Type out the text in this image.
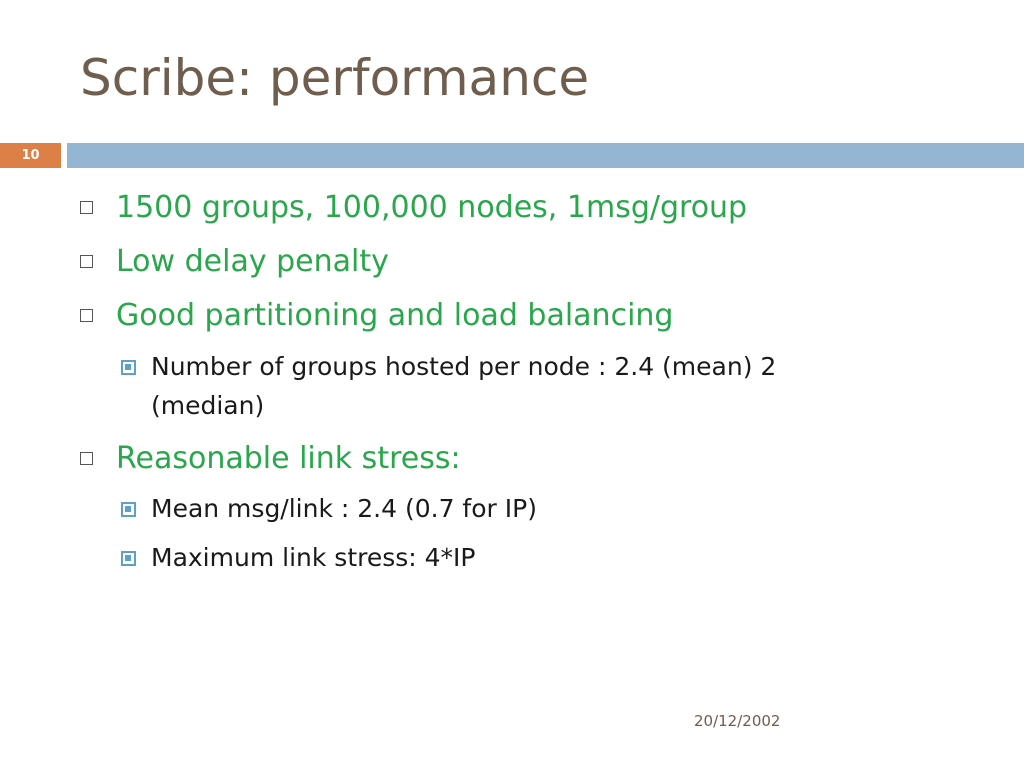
Scribe: performance
10
1500 groups, 100,000 nodes, 1msg/group
Low delay penalty
Good partitioning and load balancing
Number of groups hosted per node : 2.4 (mean) 2
(median)
Reasonable link stress:
Mean msg/link : 2.4 (0.7 for IP)
Maximum link stress: 4*IP
20/12/2002
